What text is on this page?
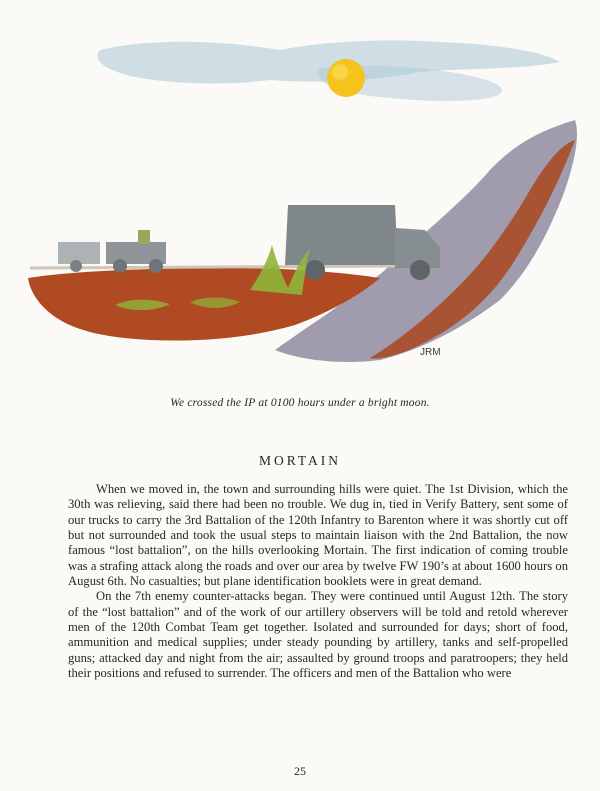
JRM
We crossed the IP at 0100 hours under a bright moon.
MORTAIN

When we moved in, the town and surrounding hills were quiet. The 1st Division, which the 30th was relieving, said there had been no trouble. We dug in, tied in Verify Battery, sent some of our trucks to carry the 3rd Battalion of the 120th Infantry to Barenton where it was shortly cut off but not surrounded and took the usual steps to maintain liaison with the 2nd Battalion, the now famous “lost battalion”, on the hills overlooking Mortain. The first indication of coming trouble was a strafing attack along the roads and over our area by twelve FW 190’s at about 1600 hours on August 6th. No casualties; but plane identification booklets were in great demand.

On the 7th enemy counter-attacks began. They were continued until August 12th. The story of the “lost battalion” and of the work of our artillery observers will be told and retold wherever men of the 120th Combat Team get together. Isolated and surrounded for days; short of food, ammunition and medical supplies; under steady pounding by artillery, tanks and self-propelled guns; attacked day and night from the air; assaulted by ground troops and paratroopers; they held their positions and refused to surrender. The officers and men of the Battalion who were

25
